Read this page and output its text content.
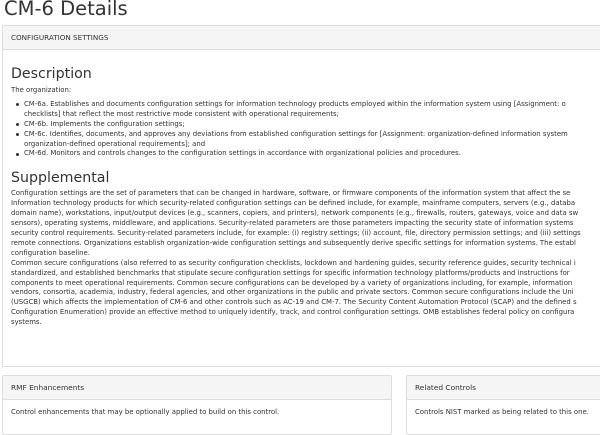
CM-6 Details
CONFIGURATION SETTINGS
Description

The organization:

CM-6a. Establishes and documents configuration settings for information technology products employed within the information system using [Assignment: o
checklists] that reflect the most restrictive mode consistent with operational requirements;
CM-6b. Implements the configuration settings;
CM-6c. Identifies, documents, and approves any deviations from established configuration settings for [Assignment: organization-defined information system
organization-defined operational requirements]; and
CM-6d. Monitors and controls changes to the configuration settings in accordance with organizational policies and procedures.
Supplemental
Configuration settings are the set of parameters that can be changed in hardware, software, or firmware components of the information system that affect the se
Information technology products for which security-related configuration settings can be defined include, for example, mainframe computers, servers (e.g., databa
domain name), workstations, input/output devices (e.g., scanners, copiers, and printers), network components (e.g., firewalls, routers, gateways, voice and data sw
sensors), operating systems, middleware, and applications. Security-related parameters are those parameters impacting the security state of information systems
security control requirements. Security-related parameters include, for example: (i) registry settings; (ii) account, file, directory permission settings; and (iii) settings
remote connections. Organizations establish organization-wide configuration settings and subsequently derive specific settings for information systems. The establ
configuration baseline.
Common secure configurations (also referred to as security configuration checklists, lockdown and hardening guides, security reference guides, security technical i
standardized, and established benchmarks that stipulate secure configuration settings for specific information technology platforms/products and instructions for
components to meet operational requirements. Common secure configurations can be developed by a variety of organizations including, for example, information
vendors, consortia, academia, industry, federal agencies, and other organizations in the public and private sectors. Common secure configurations include the Uni
(USGCB) which affects the implementation of CM-6 and other controls such as AC-19 and CM-7. The Security Content Automation Protocol (SCAP) and the defined s
Configuration Enumeration) provide an effective method to uniquely identify, track, and control configuration settings. OMB establishes federal policy on configura
systems.
RMF Enhancements
Control enhancements that may be optionally applied to build on this control.
Related Controls
Controls NIST marked as being related to this one.
